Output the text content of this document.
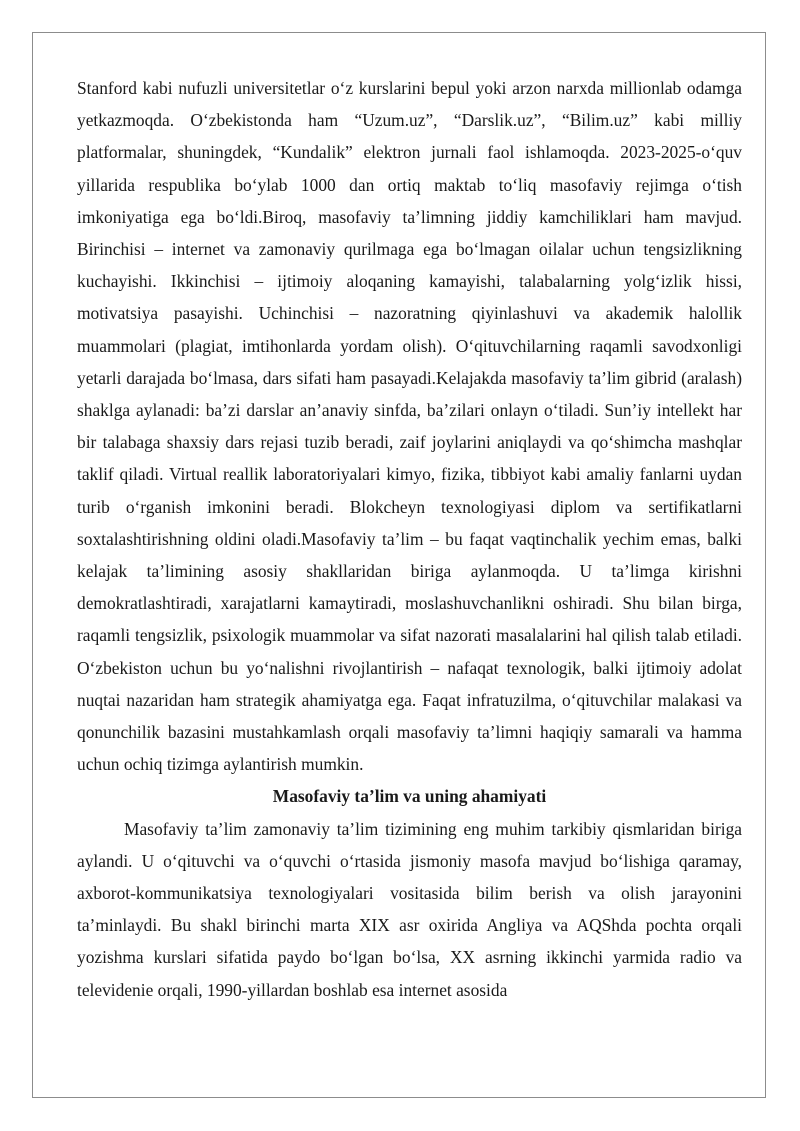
Stanford kabi nufuzli universitetlar o‘z kurslarini bepul yoki arzon narxda millionlab odamga yetkazmoqda. O‘zbekistonda ham “Uzum.uz”, “Darslik.uz”, “Bilim.uz” kabi milliy platformalar, shuningdek, “Kundalik” elektron jurnali faol ishlamoqda. 2023-2025-o‘quv yillarida respublika bo‘ylab 1000 dan ortiq maktab to‘liq masofaviy rejimga o‘tish imkoniyatiga ega bo‘ldi.Biroq, masofaviy ta’limning jiddiy kamchiliklari ham mavjud. Birinchisi – internet va zamonaviy qurilmaga ega bo‘lmagan oilalar uchun tengsizlikning kuchayishi. Ikkinchisi – ijtimoiy aloqaning kamayishi, talabalarning yolg‘izlik hissi, motivatsiya pasayishi. Uchinchisi – nazoratning qiyinlashuvi va akademik halollik muammolari (plagiat, imtihonlarda yordam olish). O‘qituvchilarning raqamli savodxonligi yetarli darajada bo‘lmasa, dars sifati ham pasayadi.Kelajakda masofaviy ta’lim gibrid (aralash) shaklga aylanadi: ba’zi darslar an’anaviy sinfda, ba’zilari onlayn o‘tiladi. Sun’iy intellekt har bir talabaga shaxsiy dars rejasi tuzib beradi, zaif joylarini aniqlaydi va qo‘shimcha mashqlar taklif qiladi. Virtual reallik laboratoriyalari kimyo, fizika, tibbiyot kabi amaliy fanlarni uydan turib o‘rganish imkonini beradi. Blokcheyn texnologiyasi diplom va sertifikatlarni soxtalashtirishning oldini oladi.Masofaviy ta’lim – bu faqat vaqtinchalik yechim emas, balki kelajak ta’limining asosiy shakllaridan biriga aylanmoqda. U ta’limga kirishni demokratlashtiradi, xarajatlarni kamaytiradi, moslashuvchanlikni oshiradi. Shu bilan birga, raqamli tengsizlik, psixologik muammolar va sifat nazorati masalalarini hal qilish talab etiladi. O‘zbekiston uchun bu yo‘nalishni rivojlantirish – nafaqat texnologik, balki ijtimoiy adolat nuqtai nazaridan ham strategik ahamiyatga ega. Faqat infratuzilma, o‘qituvchilar malakasi va qonunchilik bazasini mustahkamlash orqali masofaviy ta’limni haqiqiy samarali va hamma uchun ochiq tizimga aylantirish mumkin.

Masofaviy ta’lim va uning ahamiyati

Masofaviy ta’lim zamonaviy ta’lim tizimining eng muhim tarkibiy qismlaridan biriga aylandi. U o‘qituvchi va o‘quvchi o‘rtasida jismoniy masofa mavjud bo‘lishiga qaramay, axborot-kommunikatsiya texnologiyalari vositasida bilim berish va olish jarayonini ta’minlaydi. Bu shakl birinchi marta XIX asr oxirida Angliya va AQShda pochta orqali yozishma kurslari sifatida paydo bo‘lgan bo‘lsa, XX asrning ikkinchi yarmida radio va televidenie orqali, 1990-yillardan boshlab esa internet asosida
